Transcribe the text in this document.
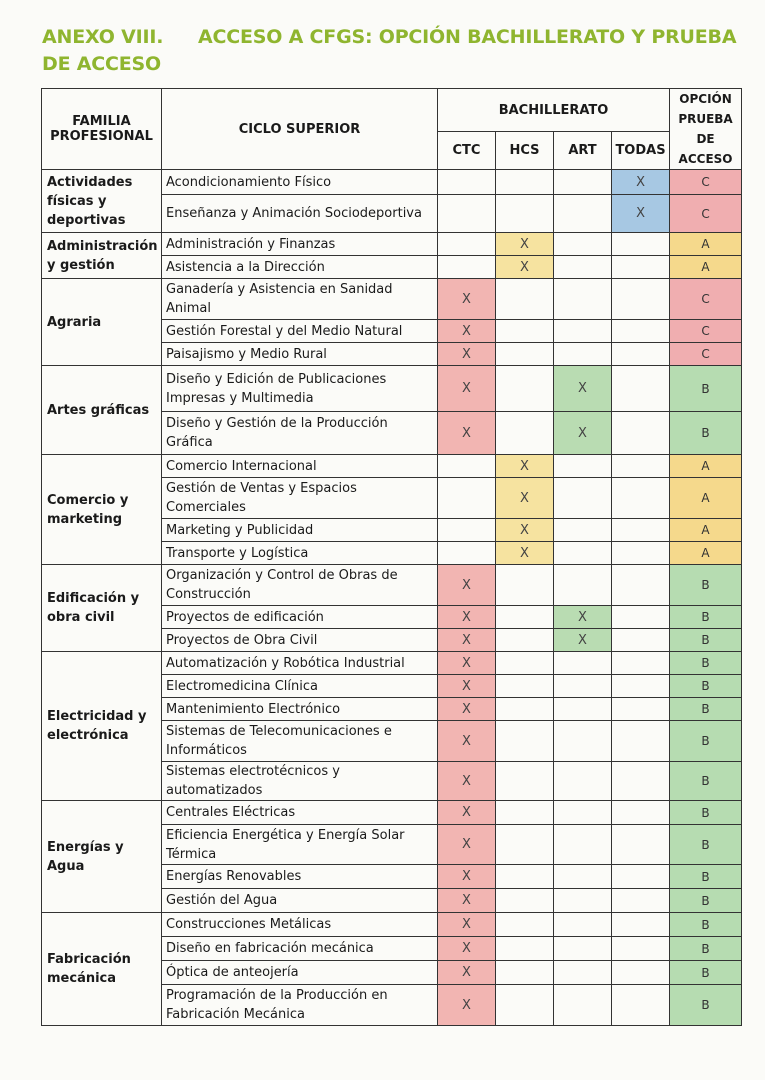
ANEXO VIII. ACCESO A CFGS: OPCIÓN BACHILLERATO Y PRUEBA DE ACCESO
FAMILIA PROFESIONAL	CICLO SUPERIOR	BACHILLERATO				OPCIÓN PRUEBA DE ACCESO
		CTC	HCS	ART	TODAS	
Actividades físicas y deportivas	Acondicionamiento Físico				X	C
	Enseñanza y Animación Sociodeportiva				X	C
Administración y gestión	Administración y Finanzas		X			A
	Asistencia a la Dirección		X			A
Agraria	Ganadería y Asistencia en Sanidad Animal	X				C
	Gestión Forestal y del Medio Natural	X				C
	Paisajismo y Medio Rural	X				C
Artes gráficas	Diseño y Edición de Publicaciones Impresas y Multimedia	X		X		B
	Diseño y Gestión de la Producción Gráfica	X		X		B
Comercio y marketing	Comercio Internacional		X			A
	Gestión de Ventas y Espacios Comerciales		X			A
	Marketing y Publicidad		X			A
	Transporte y Logística		X			A
Edificación y obra civil	Organización y Control de Obras de Construcción	X				B
	Proyectos de edificación	X		X		B
	Proyectos de Obra Civil	X		X		B
Electricidad y electrónica	Automatización y Robótica Industrial	X				B
	Electromedicina Clínica	X				B
	Mantenimiento Electrónico	X				B
	Sistemas de Telecomunicaciones e Informáticos	X				B
	Sistemas electrotécnicos y automatizados	X				B
Energías y Agua	Centrales Eléctricas	X				B
	Eficiencia Energética y Energía Solar Térmica	X				B
	Energías Renovables	X				B
	Gestión del Agua	X				B
Fabricación mecánica	Construcciones Metálicas	X				B
	Diseño en fabricación mecánica	X				B
	Óptica de anteojería	X				B
	Programación de la Producción en Fabricación Mecánica	X				B
